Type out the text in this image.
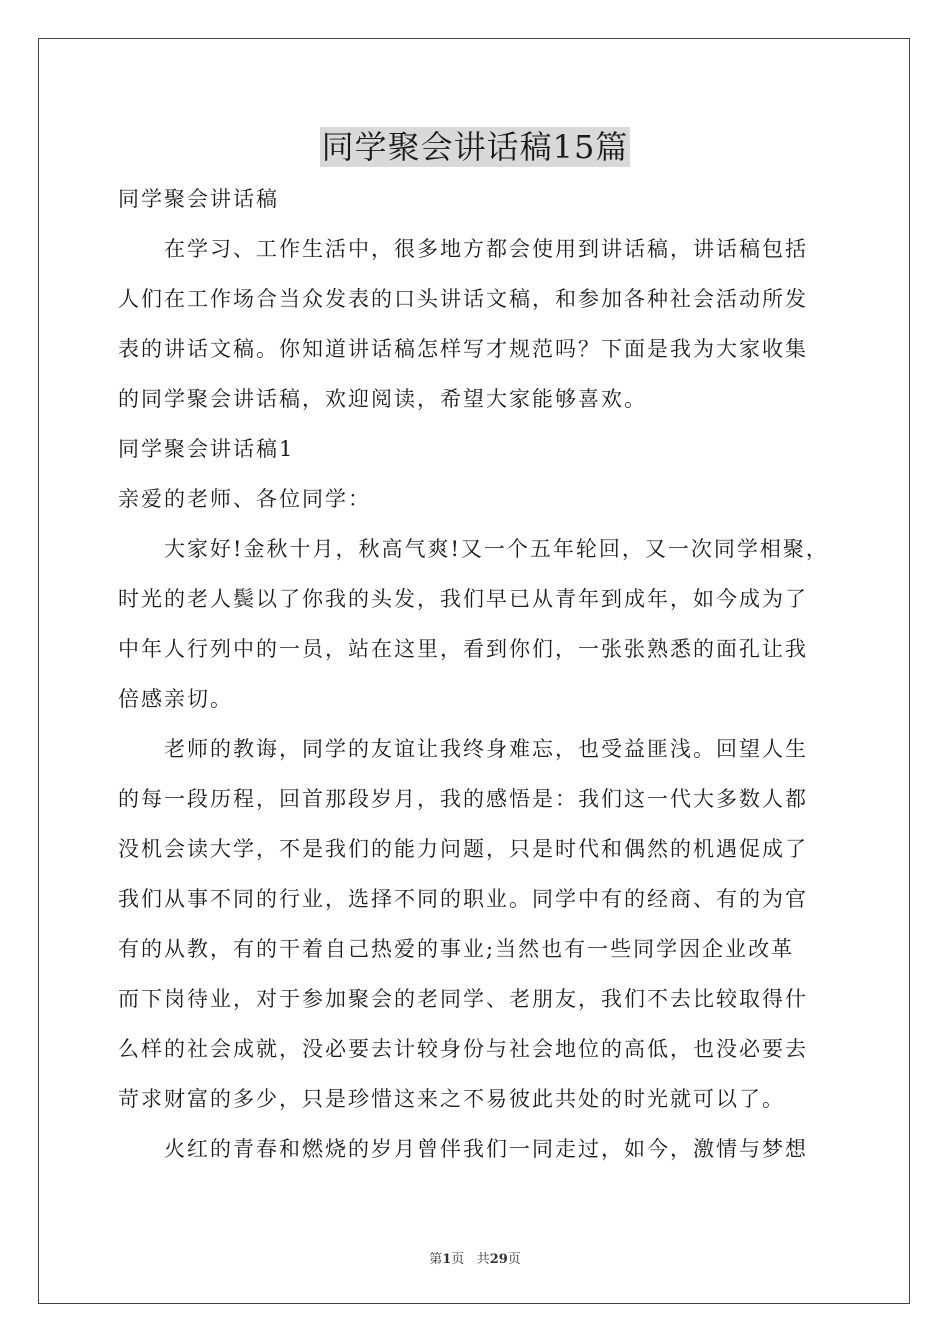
同学聚会讲话稿15篇
同学聚会讲话稿
在学习、工作生活中，很多地方都会使用到讲话稿，讲话稿包括
人们在工作场合当众发表的口头讲话文稿，和参加各种社会活动所发
表的讲话文稿。你知道讲话稿怎样写才规范吗？下面是我为大家收集
的同学聚会讲话稿，欢迎阅读，希望大家能够喜欢。
同学聚会讲话稿1
亲爱的老师、各位同学：
大家好!金秋十月，秋高气爽!又一个五年轮回，又一次同学相聚，
时光的老人鬓以了你我的头发，我们早已从青年到成年，如今成为了
中年人行列中的一员，站在这里，看到你们，一张张熟悉的面孔让我
倍感亲切。
老师的教诲，同学的友谊让我终身难忘，也受益匪浅。回望人生
的每一段历程，回首那段岁月，我的感悟是：我们这一代大多数人都
没机会读大学，不是我们的能力问题，只是时代和偶然的机遇促成了
我们从事不同的行业，选择不同的职业。同学中有的经商、有的为官
有的从教，有的干着自己热爱的事业;当然也有一些同学因企业改革
而下岗待业，对于参加聚会的老同学、老朋友，我们不去比较取得什
么样的社会成就，没必要去计较身份与社会地位的高低，也没必要去
苛求财富的多少，只是珍惜这来之不易彼此共处的时光就可以了。
火红的青春和燃烧的岁月曾伴我们一同走过，如今，激情与梦想
第1页 共29页
